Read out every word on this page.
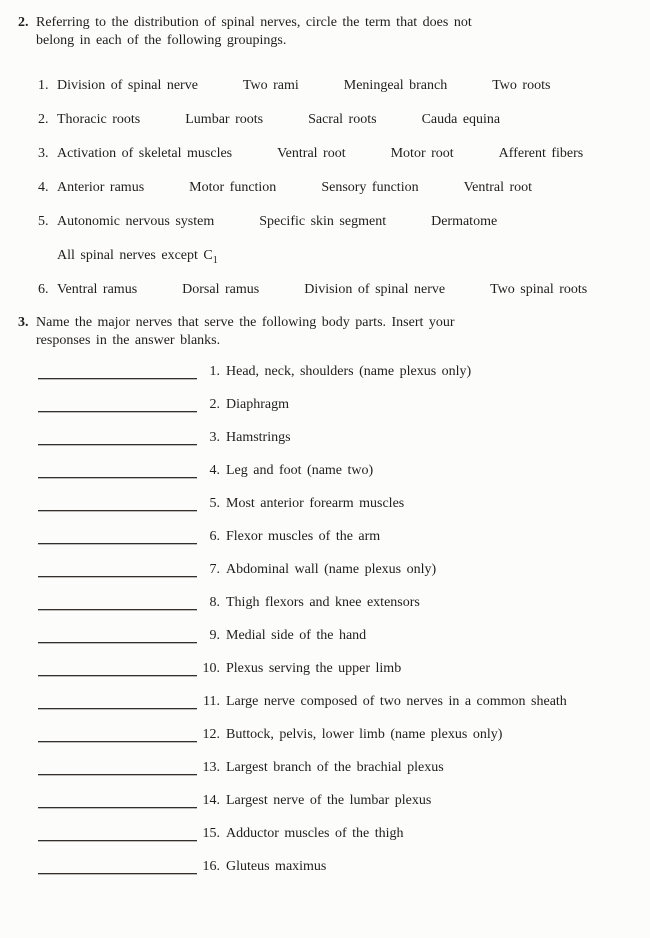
2. Referring to the distribution of spinal nerves, circle the term that does not
belong in each of the following groupings.
1. Division of spinal nerve	Two rami	Meningeal branch	Two roots
2. Thoracic roots	Lumbar roots	Sacral roots	Cauda equina
3. Activation of skeletal muscles	Ventral root	Motor root	Afferent fibers
4. Anterior ramus	Motor function	Sensory function	Ventral root
5. Autonomic nervous system	Specific skin segment	Dermatome
All spinal nerves except $C_1$
6. Ventral ramus	Dorsal ramus	Division of spinal nerve	Two spinal roots
3. Name the major nerves that serve the following body parts. Insert your
responses in the answer blanks.
1. Head, neck, shoulders (name plexus only)
2. Diaphragm
3. Hamstrings
4. Leg and foot (name two)
5. Most anterior forearm muscles
6. Flexor muscles of the arm
7. Abdominal wall (name plexus only)
8. Thigh flexors and knee extensors
9. Medial side of the hand
10. Plexus serving the upper limb
11. Large nerve composed of two nerves in a common sheath
12. Buttock, pelvis, lower limb (name plexus only)
13. Largest branch of the brachial plexus
14. Largest nerve of the lumbar plexus
15. Adductor muscles of the thigh
16. Gluteus maximus
